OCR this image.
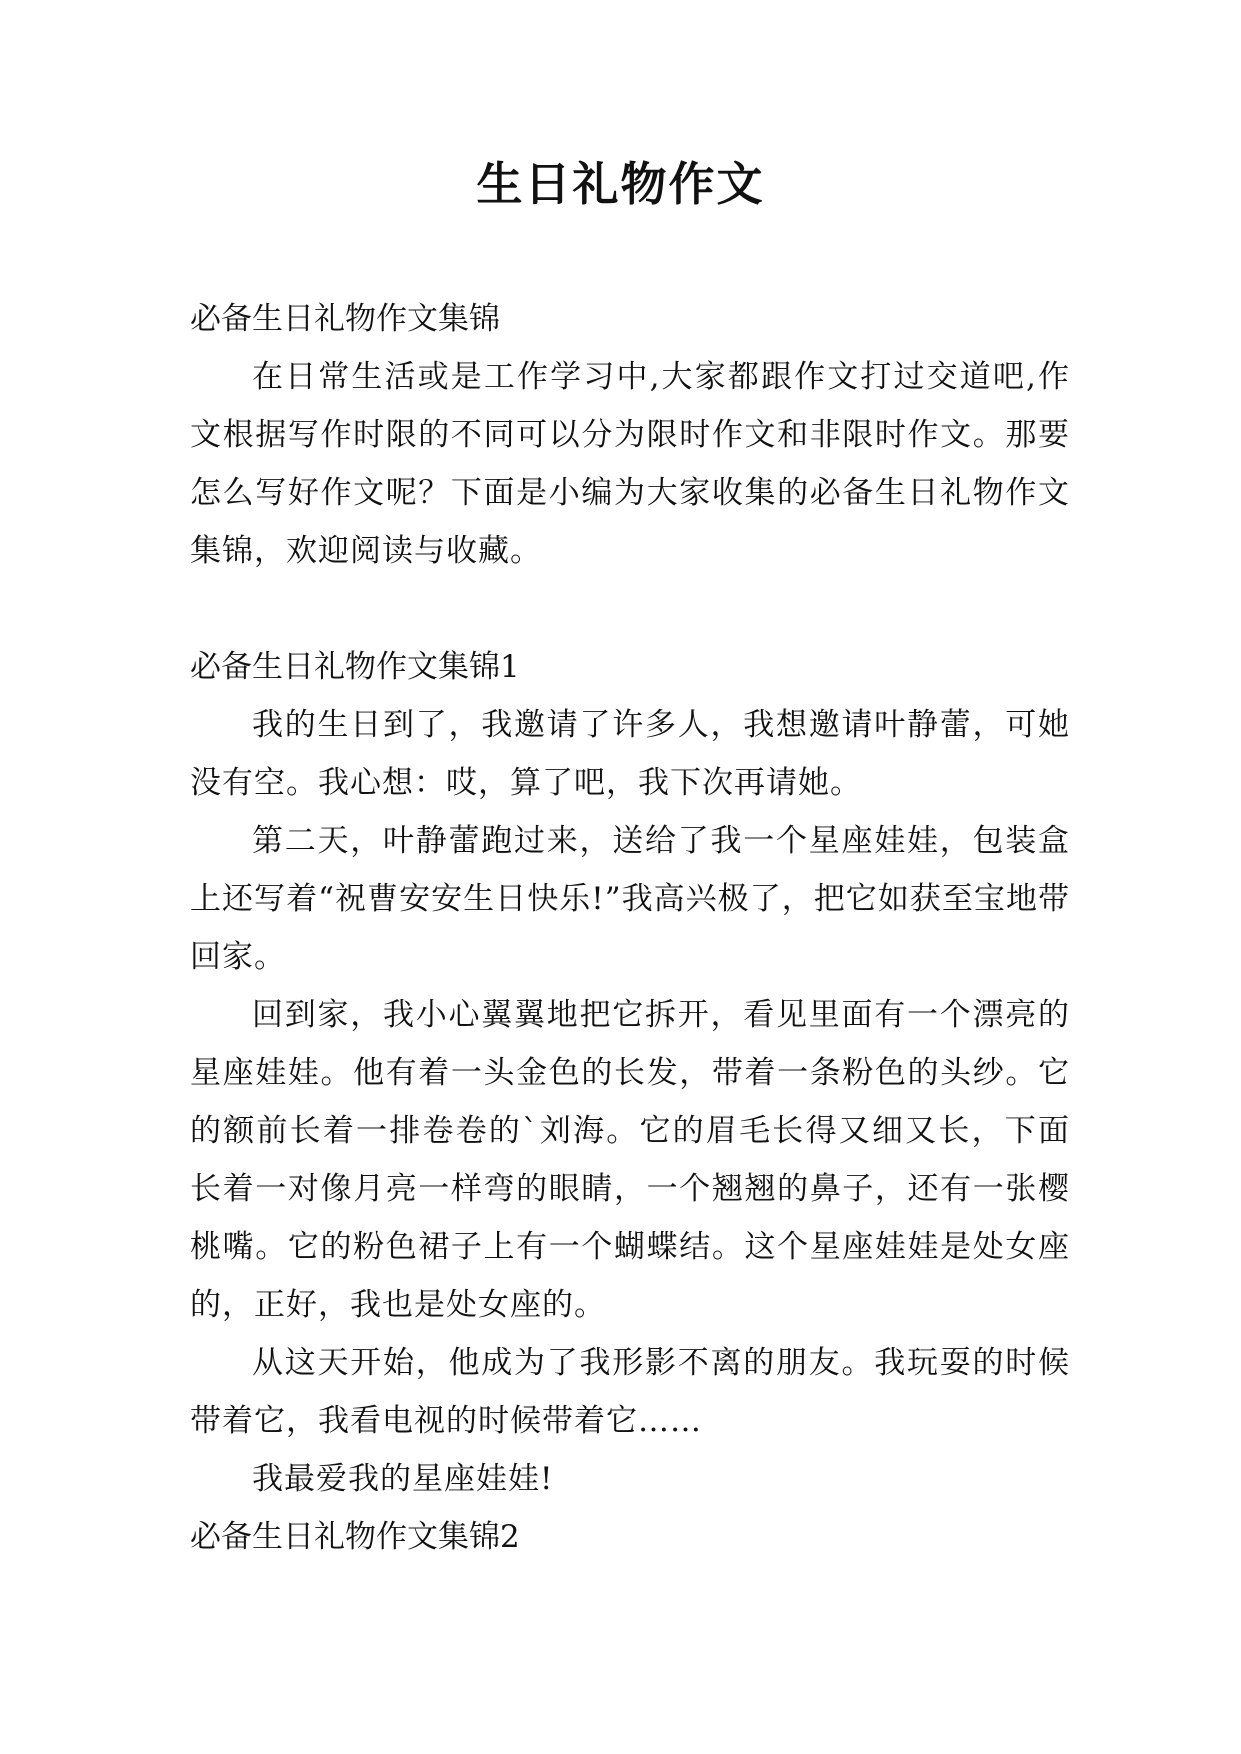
生日礼物作文

必备生日礼物作文集锦

在日常生活或是工作学习中,大家都跟作文打过交道吧,作文根据写作时限的不同可以分为限时作文和非限时作文。那要怎么写好作文呢？下面是小编为大家收集的必备生日礼物作文集锦，欢迎阅读与收藏。

必备生日礼物作文集锦1

我的生日到了，我邀请了许多人，我想邀请叶静蕾，可她没有空。我心想：哎，算了吧，我下次再请她。

第二天，叶静蕾跑过来，送给了我一个星座娃娃，包装盒上还写着“祝曹安安生日快乐!”我高兴极了，把它如获至宝地带回家。

回到家，我小心翼翼地把它拆开，看见里面有一个漂亮的星座娃娃。他有着一头金色的长发，带着一条粉色的头纱。它的额前长着一排卷卷的`刘海。它的眉毛长得又细又长，下面长着一对像月亮一样弯的眼睛，一个翘翘的鼻子，还有一张樱桃嘴。它的粉色裙子上有一个蝴蝶结。这个星座娃娃是处女座的，正好，我也是处女座的。

从这天开始，他成为了我形影不离的朋友。我玩耍的时候带着它，我看电视的时候带着它……

我最爱我的星座娃娃!

必备生日礼物作文集锦2
